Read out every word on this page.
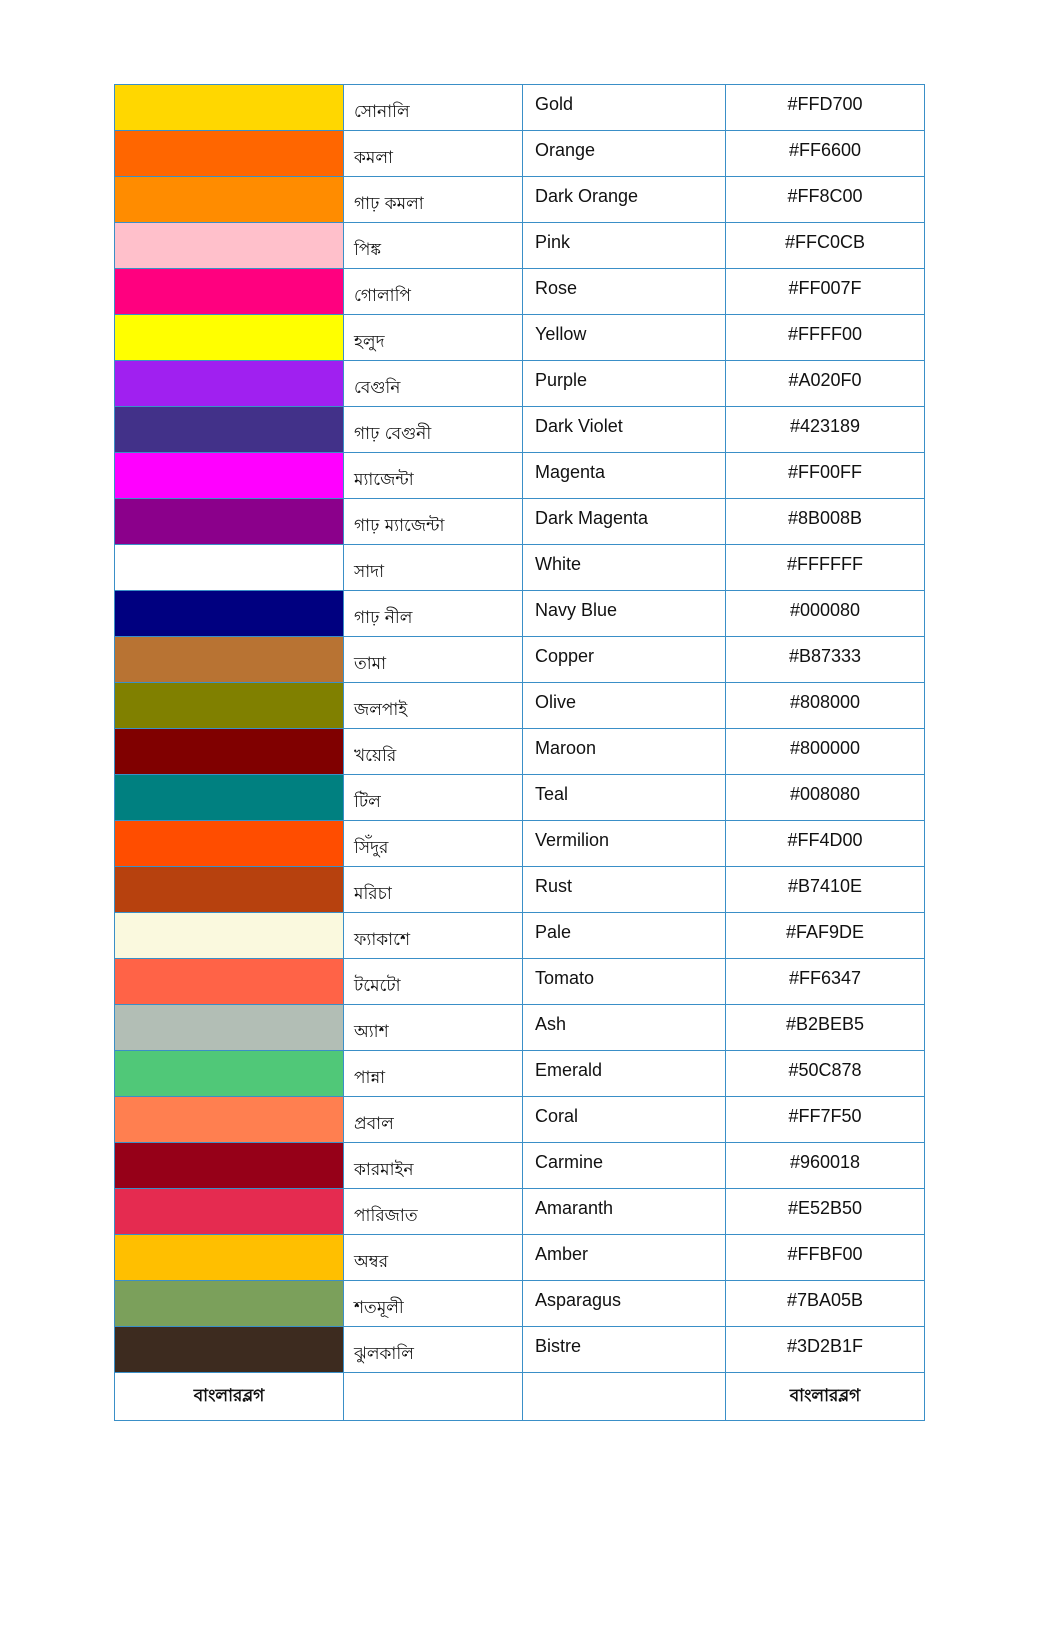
	সোনালি	Gold	#FFD700
	কমলা	Orange	#FF6600
	গাঢ় কমলা	Dark Orange	#FF8C00
	পিঙ্ক	Pink	#FFC0CB
	গোলাপি	Rose	#FF007F
	হলুদ	Yellow	#FFFF00
	বেগুনি	Purple	#A020F0
	গাঢ় বেগুনী	Dark Violet	#423189
	ম্যাজেন্টা	Magenta	#FF00FF
	গাঢ় ম্যাজেন্টা	Dark Magenta	#8B008B
	সাদা	White	#FFFFFF
	গাঢ় নীল	Navy Blue	#000080
	তামা	Copper	#B87333
	জলপাই	Olive	#808000
	খয়েরি	Maroon	#800000
	টিল	Teal	#008080
	সিঁদুর	Vermilion	#FF4D00
	মরিচা	Rust	#B7410E
	ফ্যাকাশে	Pale	#FAF9DE
	টমেটো	Tomato	#FF6347
	অ্যাশ	Ash	#B2BEB5
	পান্না	Emerald	#50C878
	প্রবাল	Coral	#FF7F50
	কারমাইন	Carmine	#960018
	পারিজাত	Amaranth	#E52B50
	অম্বর	Amber	#FFBF00
	শতমূলী	Asparagus	#7BA05B
	ঝুলকালি	Bistre	#3D2B1F
বাংলারব্লগ			বাংলারব্লগ
